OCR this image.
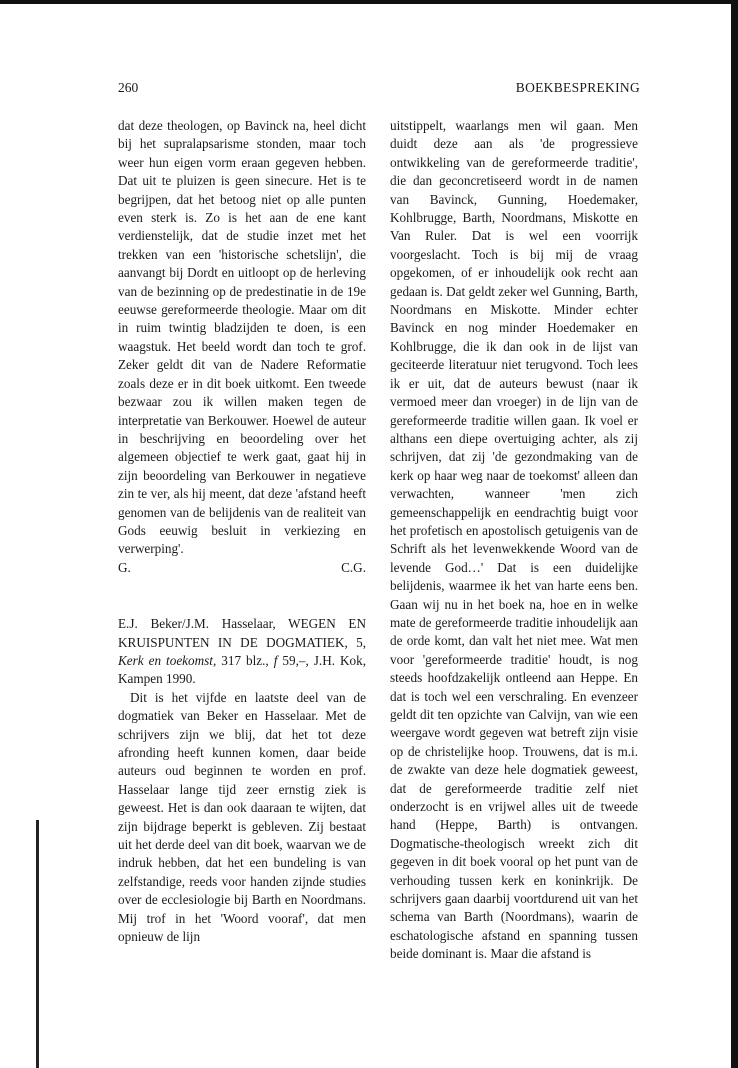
260	BOEKBESPREKING

dat deze theologen, op Bavinck na, heel dicht bij het supralapsarisme stonden, maar toch weer hun eigen vorm eraan gegeven hebben. Dat uit te pluizen is geen sinecure. Het is te begrijpen, dat het betoog niet op alle punten even sterk is. Zo is het aan de ene kant verdienstelijk, dat de studie inzet met het trekken van een 'historische schetslijn', die aanvangt bij Dordt en uitloopt op de herleving van de bezinning op de predestinatie in de 19e eeuwse gereformeerde theologie. Maar om dit in ruim twintig bladzijden te doen, is een waagstuk. Het beeld wordt dan toch te grof. Zeker geldt dit van de Nadere Reformatie zoals deze er in dit boek uitkomt. Een tweede bezwaar zou ik willen maken tegen de interpretatie van Berkouwer. Hoewel de auteur in beschrijving en beoordeling over het algemeen objectief te werk gaat, gaat hij in zijn beoordeling van Berkouwer in negatieve zin te ver, als hij meent, dat deze 'afstand heeft genomen van de belijdenis van de realiteit van Gods eeuwig besluit in verkiezing en verwerping'.

G.	C.G.

E.J. Beker/J.M. Hasselaar, WEGEN EN KRUISPUNTEN IN DE DOGMATIEK, 5, Kerk en toekomst, 317 blz., f 59,–, J.H. Kok, Kampen 1990.

Dit is het vijfde en laatste deel van de dogmatiek van Beker en Hasselaar. Met de schrijvers zijn we blij, dat het tot deze afronding heeft kunnen komen, daar beide auteurs oud beginnen te worden en prof. Hasselaar lange tijd zeer ernstig ziek is geweest. Het is dan ook daaraan te wijten, dat zijn bijdrage beperkt is gebleven. Zij bestaat uit het derde deel van dit boek, waarvan we de indruk hebben, dat het een bundeling is van zelfstandige, reeds voor handen zijnde studies over de ecclesiologie bij Barth en Noordmans. Mij trof in het 'Woord vooraf', dat men opnieuw de lijn

uitstippelt, waarlangs men wil gaan. Men duidt deze aan als 'de progressieve ontwikkeling van de gereformeerde traditie', die dan geconcretiseerd wordt in de namen van Bavinck, Gunning, Hoedemaker, Kohlbrugge, Barth, Noordmans, Miskotte en Van Ruler. Dat is wel een voorrijk voorgeslacht. Toch is bij mij de vraag opgekomen, of er inhoudelijk ook recht aan gedaan is. Dat geldt zeker wel Gunning, Barth, Noordmans en Miskotte. Minder echter Bavinck en nog minder Hoedemaker en Kohlbrugge, die ik dan ook in de lijst van geciteerde literatuur niet terugvond. Toch lees ik er uit, dat de auteurs bewust (naar ik vermoed meer dan vroeger) in de lijn van de gereformeerde traditie willen gaan. Ik voel er althans een diepe overtuiging achter, als zij schrijven, dat zij 'de gezondmaking van de kerk op haar weg naar de toekomst' alleen dan verwachten, wanneer 'men zich gemeenschappelijk en eendrachtig buigt voor het profetisch en apostolisch getuigenis van de Schrift als het levenwekkende Woord van de levende God…' Dat is een duidelijke belijdenis, waarmee ik het van harte eens ben. Gaan wij nu in het boek na, hoe en in welke mate de gereformeerde traditie inhoudelijk aan de orde komt, dan valt het niet mee. Wat men voor 'gereformeerde traditie' houdt, is nog steeds hoofdzakelijk ontleend aan Heppe. En dat is toch wel een verschraling. En evenzeer geldt dit ten opzichte van Calvijn, van wie een weergave wordt gegeven wat betreft zijn visie op de christelijke hoop. Trouwens, dat is m.i. de zwakte van deze hele dogmatiek geweest, dat de gereformeerde traditie zelf niet onderzocht is en vrijwel alles uit de tweede hand (Heppe, Barth) is ontvangen. Dogmatische-theologisch wreekt zich dit gegeven in dit boek vooral op het punt van de verhouding tussen kerk en koninkrijk. De schrijvers gaan daarbij voortdurend uit van het schema van Barth (Noordmans), waarin de eschatologische afstand en spanning tussen beide dominant is. Maar die afstand is
